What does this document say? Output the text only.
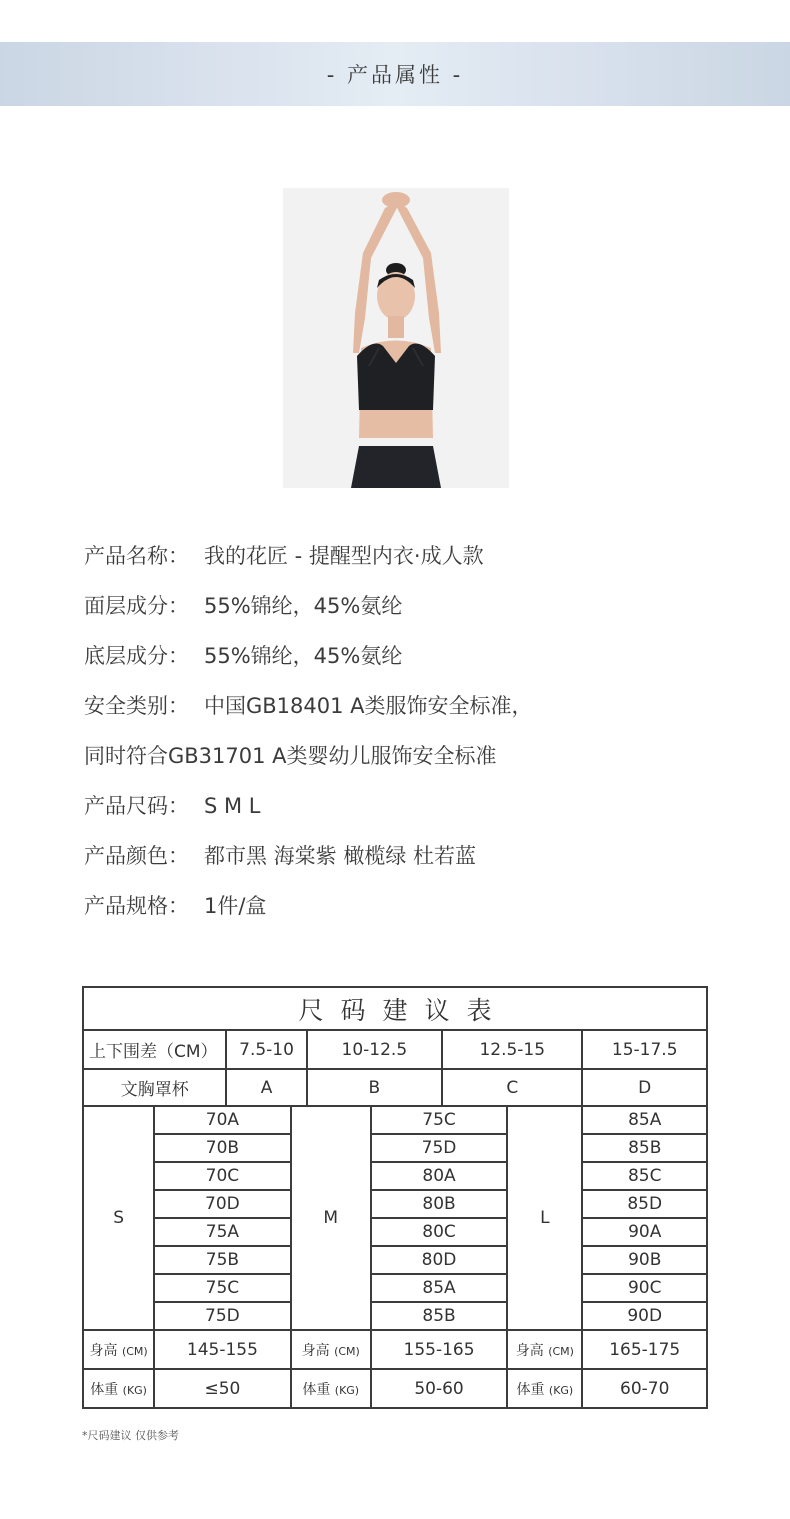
- 产品属性 -
产品名称： 我的花匠 - 提醒型内衣·成人款
面层成分： 55%锦纶，45%氨纶
底层成分： 55%锦纶，45%氨纶
安全类别： 中国GB18401 A类服饰安全标准，
同时符合GB31701 A类婴幼儿服饰安全标准
产品尺码： S M L
产品颜色： 都市黑 海棠紫 橄榄绿 杜若蓝
产品规格： 1件/盒
尺码建议表								
上下围差（CM）		7.5-10		10-12.5		12.5-15		15-17.5
文胸罩杯		A		B		C		D
S	70A		M		75C		L	85A
	70B				75D			85B
	70C				80A			85C
	70D				80B			85D
	75A				80C			90A
	75B				80D			90B
	75C				85A			90C
	75D				85B			90D
身高 (CM)	145-155		身高 (CM)		155-165		身高 (CM)	165-175
体重 (KG)	≤50		体重 (KG)		50-60		体重 (KG)	60-70
*尺码建议 仅供参考
